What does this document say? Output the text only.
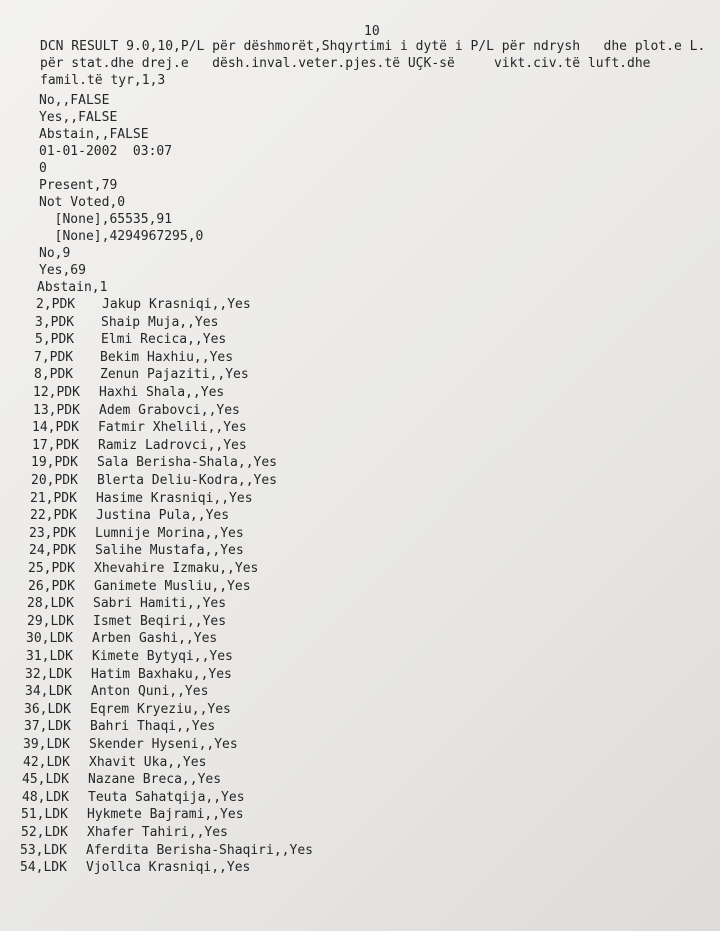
10
DCN RESULT 9.0,10,P/L për dëshmorët,Shqyrtimi i dytë i P/L për ndrysh   dhe plot.e L. për stat.dhe drej.e   dësh.inval.veter.pjes.të UÇK-së     vikt.civ.të luft.dhe famil.të tyr,1,3
No,,FALSE
Yes,,FALSE
Abstain,,FALSE
01-01-2002  03:07
0
Present,79
Not Voted,0
[None],65535,91
[None],4294967295,0
No,9
Yes,69
Abstain,1
2,PDK Jakup Krasniqi,,Yes
3,PDK Shaip Muja,,Yes
5,PDK Elmi Recica,,Yes
7,PDK Bekim Haxhiu,,Yes
8,PDK Zenun Pajaziti,,Yes
12,PDK Haxhi Shala,,Yes
13,PDK Adem Grabovci,,Yes
14,PDK Fatmir Xhelili,,Yes
17,PDK Ramiz Ladrovci,,Yes
19,PDK Sala Berisha-Shala,,Yes
20,PDK Blerta Deliu-Kodra,,Yes
21,PDK Hasime Krasniqi,,Yes
22,PDK Justina Pula,,Yes
23,PDK Lumnije Morina,,Yes
24,PDK Salihe Mustafa,,Yes
25,PDK Xhevahire Izmaku,,Yes
26,PDK Ganimete Musliu,,Yes
28,LDK Sabri Hamiti,,Yes
29,LDK Ismet Beqiri,,Yes
30,LDK Arben Gashi,,Yes
31,LDK Kimete Bytyqi,,Yes
32,LDK Hatim Baxhaku,,Yes
34,LDK Anton Quni,,Yes
36,LDK Eqrem Kryeziu,,Yes
37,LDK Bahri Thaqi,,Yes
39,LDK Skender Hyseni,,Yes
42,LDK Xhavit Uka,,Yes
45,LDK Nazane Breca,,Yes
48,LDK Teuta Sahatqija,,Yes
51,LDK Hykmete Bajrami,,Yes
52,LDK Xhafer Tahiri,,Yes
53,LDK Aferdita Berisha-Shaqiri,,Yes
54,LDK Vjollca Krasniqi,,Yes
